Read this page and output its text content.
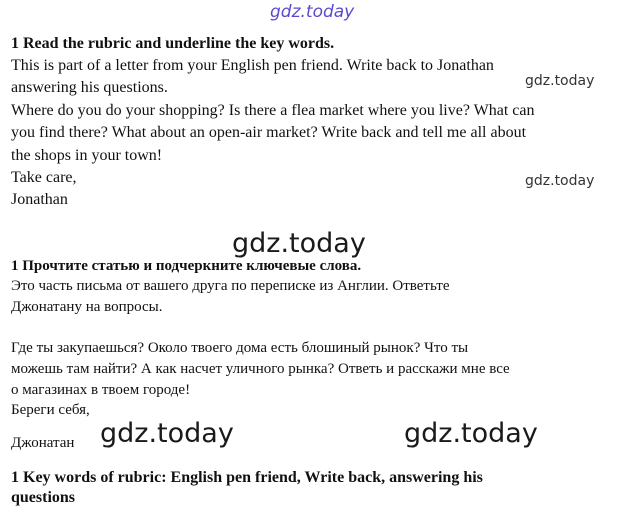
gdz.today
gdz.today
gdz.today
gdz.today
gdz.today	gdz.today
1 Read the rubric and underline the key words.
This is part of a letter from your English pen friend. Write back to Jonathan
answering his questions.
Where do you do your shopping? Is there a flea market where you live? What can
you find there? What about an open-air market? Write back and tell me all about
the shops in your town!
Take care,
Jonathan
1 Прочтите статью и подчеркните ключевые слова.
Это часть письма от вашего друга по переписке из Англии. Ответьте
Джонатану на вопросы.
Где ты закупаешься? Около твоего дома есть блошиный рынок? Что ты
можешь там найти? А как насчет уличного рынка? Ответь и расскажи мне все
о магазинах в твоем городе!
Береги себя,
Джонатан
1 Key words of rubric: English pen friend, Write back, answering his
questions
